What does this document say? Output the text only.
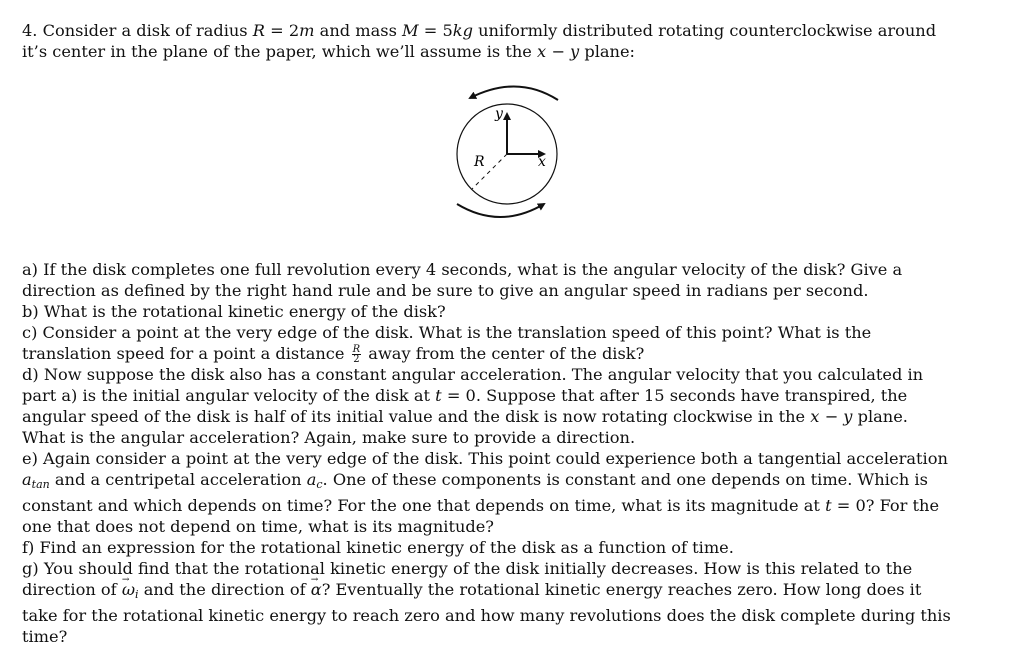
4. Consider a disk of radius R = 2m and mass M = 5kg uniformly distributed rotating counterclockwise around it’s center in the plane of the paper, which we’ll assume is the x − y plane:

y
x
R
a) If the disk completes one full revolution every 4 seconds, what is the angular velocity of the disk? Give a direction as defined by the right hand rule and be sure to give an angular speed in radians per second.
b) What is the rotational kinetic energy of the disk?
c) Consider a point at the very edge of the disk. What is the translation speed of this point? What is the translation speed for a point a distance $\frac{R}{2}$ away from the center of the disk?
d) Now suppose the disk also has a constant angular acceleration. The angular velocity that you calculated in part a) is the initial angular velocity of the disk at t = 0. Suppose that after 15 seconds have transpired, the angular speed of the disk is half of its initial value and the disk is now rotating clockwise in the x − y plane. What is the angular acceleration? Again, make sure to provide a direction.
e) Again consider a point at the very edge of the disk. This point could experience both a tangential acceleration $a_{tan}$ and a centripetal acceleration $a_c$. One of these components is constant and one depends on time. Which is constant and which depends on time? For the one that depends on time, what is its magnitude at t = 0? For the one that does not depend on time, what is its magnitude?
f) Find an expression for the rotational kinetic energy of the disk as a function of time.
g) You should find that the rotational kinetic energy of the disk initially decreases. How is this related to the direction of → $\omega_i$ and the direction of → α? Eventually the rotational kinetic energy reaches zero. How long does it take for the rotational kinetic energy to reach zero and how many revolutions does the disk complete during this time?
